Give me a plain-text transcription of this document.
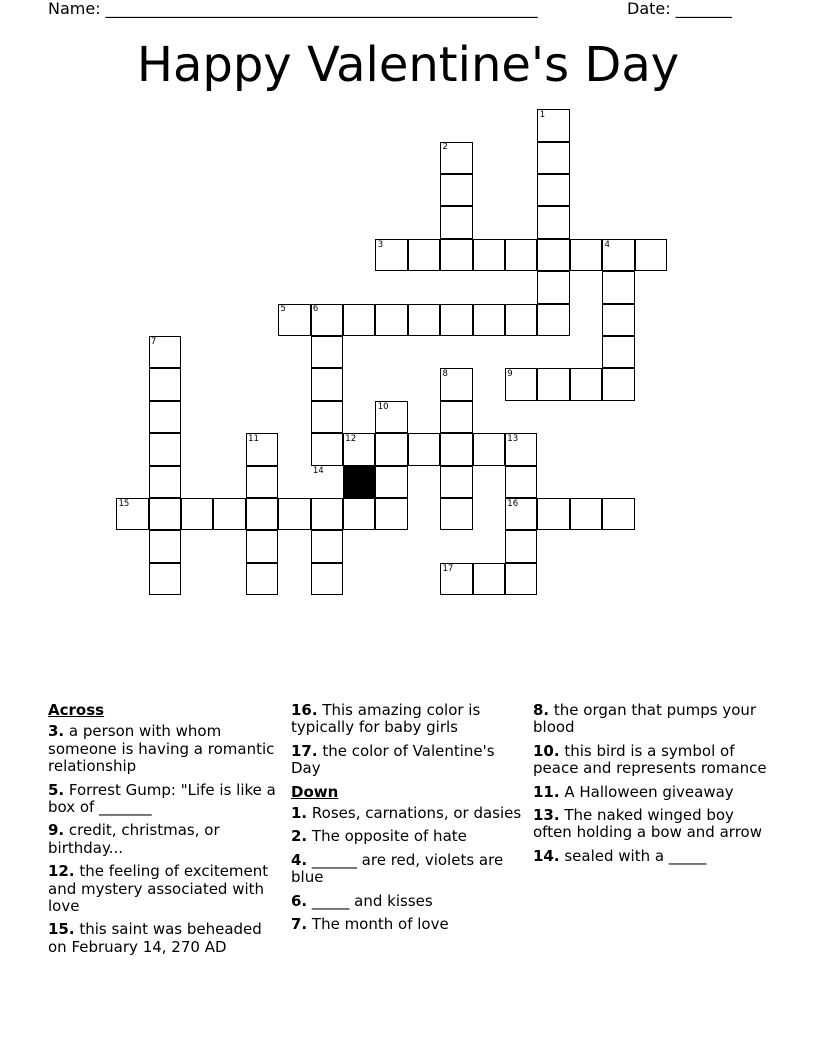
Name: ______________________________________________________	Date: _______
Happy Valentine's Day
1
2
3	4
5	6
7
8	9
10
11	12	13
14
15	16
17
Across
3. a person with whom someone is having a romantic relationship
5. Forrest Gump: "Life is like a box of _______
9. credit, christmas, or birthday...
12. the feeling of excitement and mystery associated with love
15. this saint was beheaded on February 14, 270 AD
16. This amazing color is typically for baby girls
17. the color of Valentine's Day
Down
1. Roses, carnations, or dasies
2. The opposite of hate
4. ______ are red, violets are blue
6. _____ and kisses
7. The month of love
8. the organ that pumps your blood
10. this bird is a symbol of peace and represents romance
11. A Halloween giveaway
13. The naked winged boy often holding a bow and arrow
14. sealed with a _____
